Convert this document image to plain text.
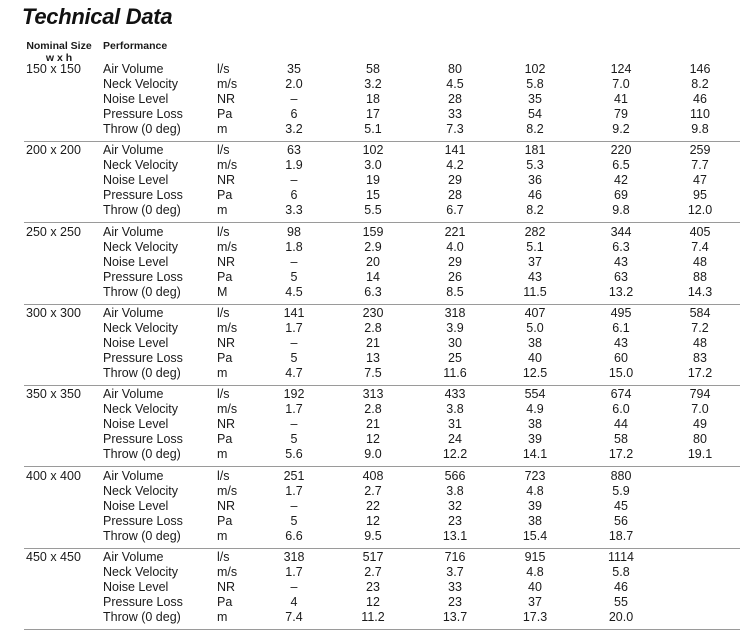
Technical Data
Nominal Size
w x h
Performance
150 x 150 Air Volume	l/s	35	58	80	102	124	146
Neck Velocity	m/s	2.0	3.2	4.5	5.8	7.0	8.2
Noise Level	NR	–	18	28	35	41	46
Pressure Loss	Pa	6	17	33	54	79	110
Throw (0 deg)	m	3.2	5.1	7.3	8.2	9.2	9.8
200 x 200 Air Volume	l/s	63	102	141	181	220	259
Neck Velocity	m/s	1.9	3.0	4.2	5.3	6.5	7.7
Noise Level	NR	–	19	29	36	42	47
Pressure Loss	Pa	6	15	28	46	69	95
Throw (0 deg)	m	3.3	5.5	6.7	8.2	9.8	12.0
250 x 250 Air Volume	l/s	98	159	221	282	344	405
Neck Velocity	m/s	1.8	2.9	4.0	5.1	6.3	7.4
Noise Level	NR	–	20	29	37	43	48
Pressure Loss	Pa	5	14	26	43	63	88
Throw (0 deg)	M	4.5	6.3	8.5	11.5	13.2	14.3
300 x 300 Air Volume	l/s	141	230	318	407	495	584
Neck Velocity	m/s	1.7	2.8	3.9	5.0	6.1	7.2
Noise Level	NR	–	21	30	38	43	48
Pressure Loss	Pa	5	13	25	40	60	83
Throw (0 deg)	m	4.7	7.5	11.6	12.5	15.0	17.2
350 x 350 Air Volume	l/s	192	313	433	554	674	794
Neck Velocity	m/s	1.7	2.8	3.8	4.9	6.0	7.0
Noise Level	NR	–	21	31	38	44	49
Pressure Loss	Pa	5	12	24	39	58	80
Throw (0 deg)	m	5.6	9.0	12.2	14.1	17.2	19.1
400 x 400 Air Volume	l/s	251	408	566	723	880
Neck Velocity	m/s	1.7	2.7	3.8	4.8	5.9
Noise Level	NR	–	22	32	39	45
Pressure Loss	Pa	5	12	23	38	56
Throw (0 deg)	m	6.6	9.5	13.1	15.4	18.7
450 x 450 Air Volume	l/s	318	517	716	915	1114
Neck Velocity	m/s	1.7	2.7	3.7	4.8	5.8
Noise Level	NR	–	23	33	40	46
Pressure Loss	Pa	4	12	23	37	55
Throw (0 deg)	m	7.4	11.2	13.7	17.3	20.0
